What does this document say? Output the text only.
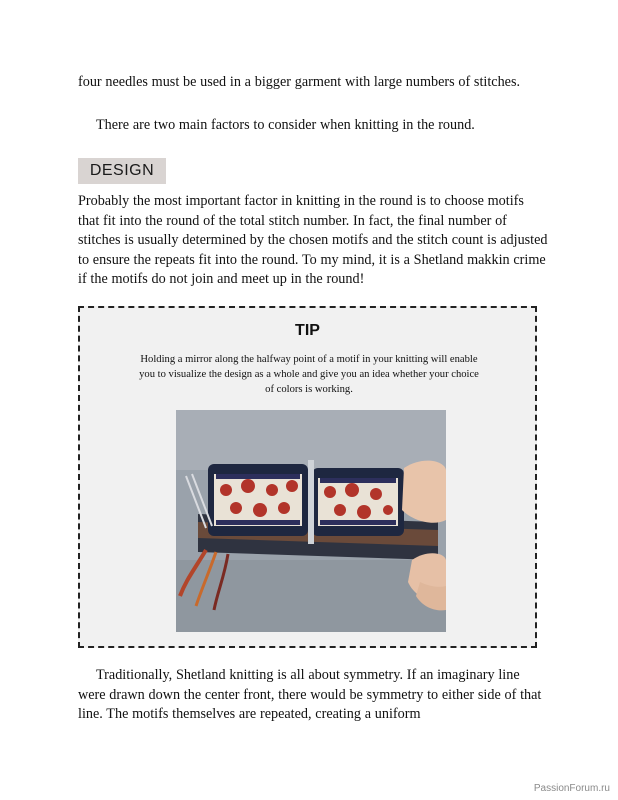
four needles must be used in a bigger garment with large numbers of stitches.

There are two main factors to consider when knitting in the round.

DESIGN

Probably the most important factor in knitting in the round is to choose motifs that fit into the round of the total stitch number. In fact, the final number of stitches is usually determined by the chosen motifs and the stitch count is adjusted to ensure the repeats fit into the round. To my mind, it is a Shetland makkin crime if the motifs do not join and meet up in the round!

TIP

Holding a mirror along the halfway point of a motif in your knitting will enable you to visualize the design as a whole and give you an idea whether your choice of colors is working.

Traditionally, Shetland knitting is all about symmetry. If an imaginary line were drawn down the center front, there would be symmetry to either side of that line. The motifs themselves are repeated, creating a uniform

PassionForum.ru
